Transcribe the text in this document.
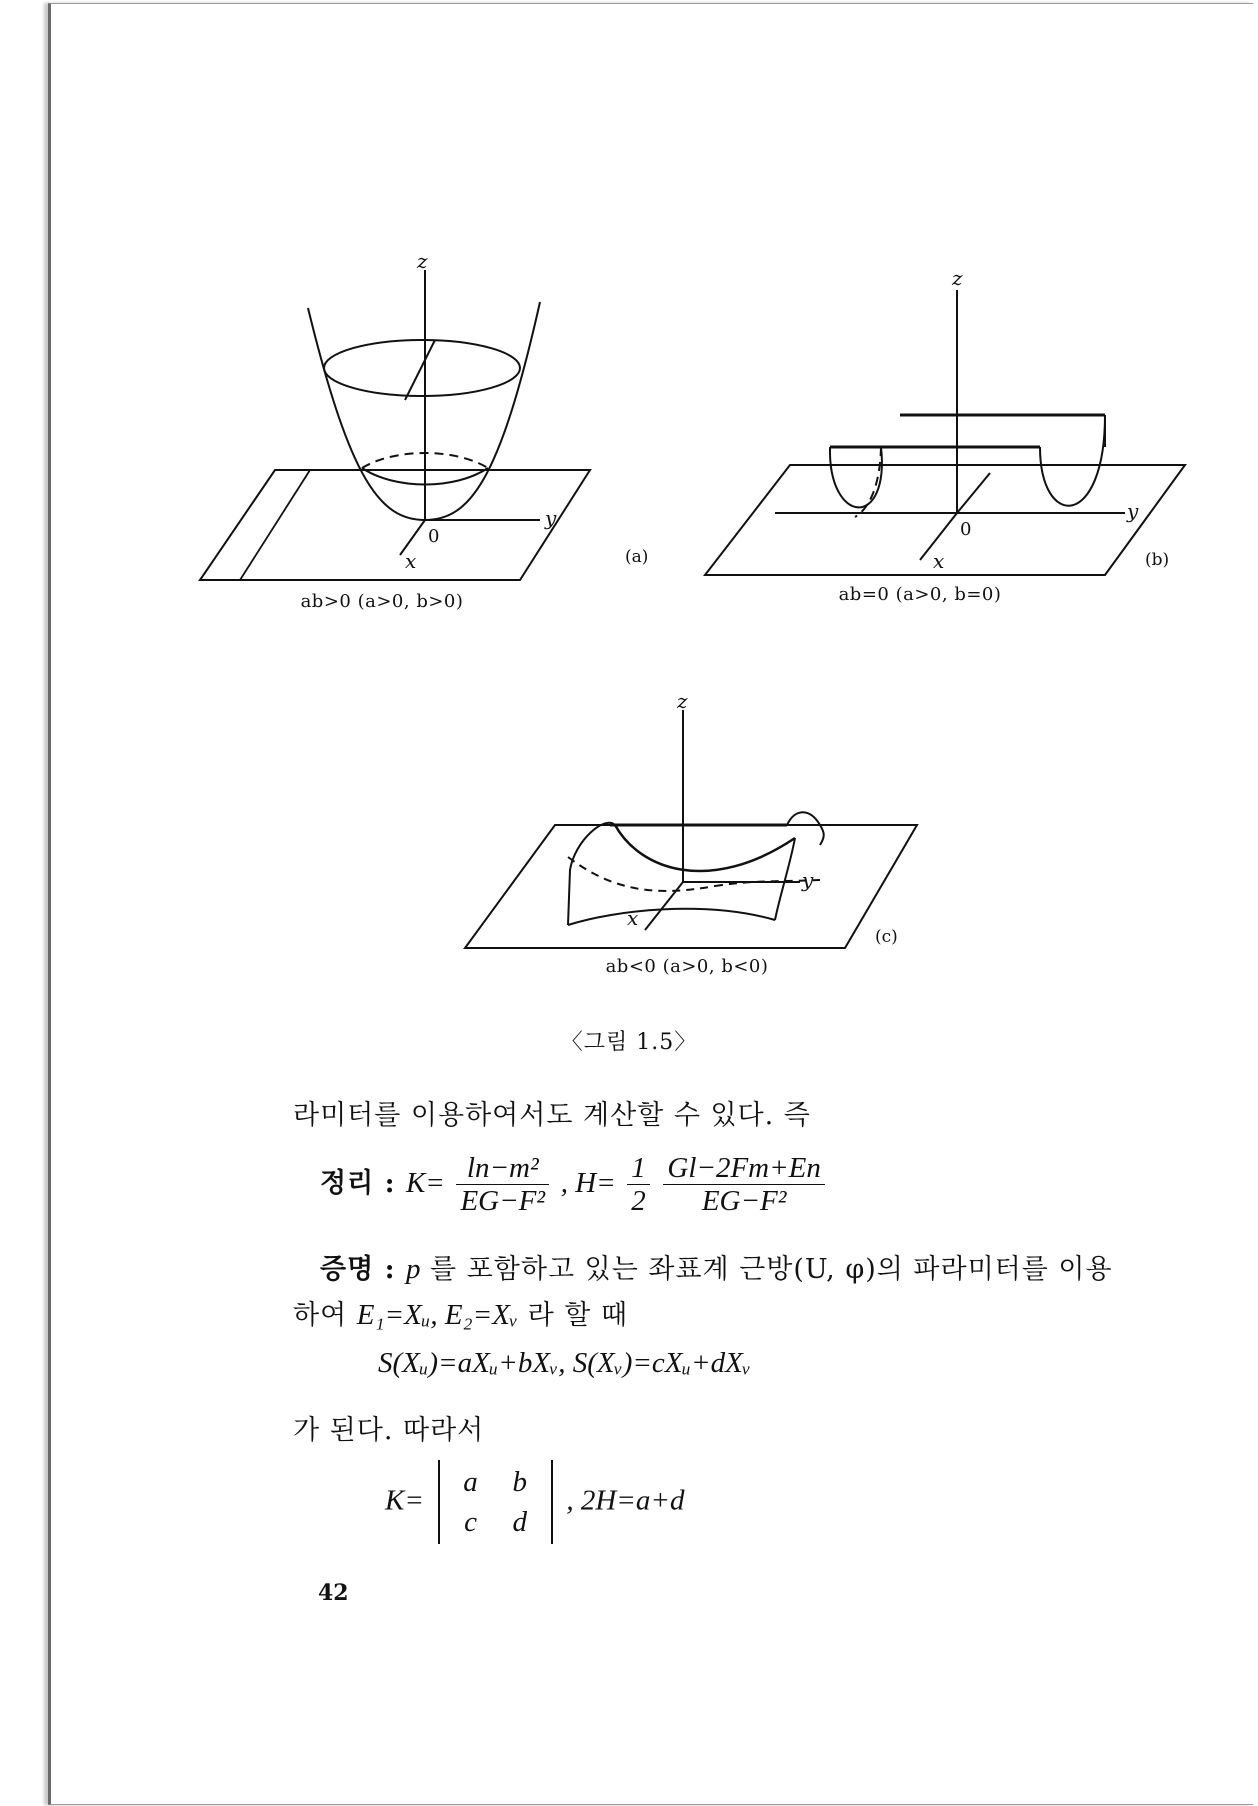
z
y
x
0
(a)
ab>0 (a>0, b>0)
z
y
x
0
(b)
ab=0 (a>0, b=0)
z
y
x
(c)
ab<0 (a>0, b<0)
〈그림 1.5〉
라미터를 이용하여서도 계산할 수 있다. 즉
정리 : $K= \frac{\text{ln−m²}}{\text{EG−F²}}$ , $H= \frac{1}{2}$
$\frac{Gl-2Fm+En}{\text{EG−F²}}$
증명 : p 를 포함하고 있는 좌표계 근방(U, φ)의 파라미터를 이용
하여 E₁=Xᵤ, E₂=Xᵥ 라 할 때
S(Xᵤ)=aXᵤ+bXᵥ, S(Xᵥ)=cXᵤ+dXᵥ
가 된다. 따라서
K=
a b
c d
, 2H=a+d
42
